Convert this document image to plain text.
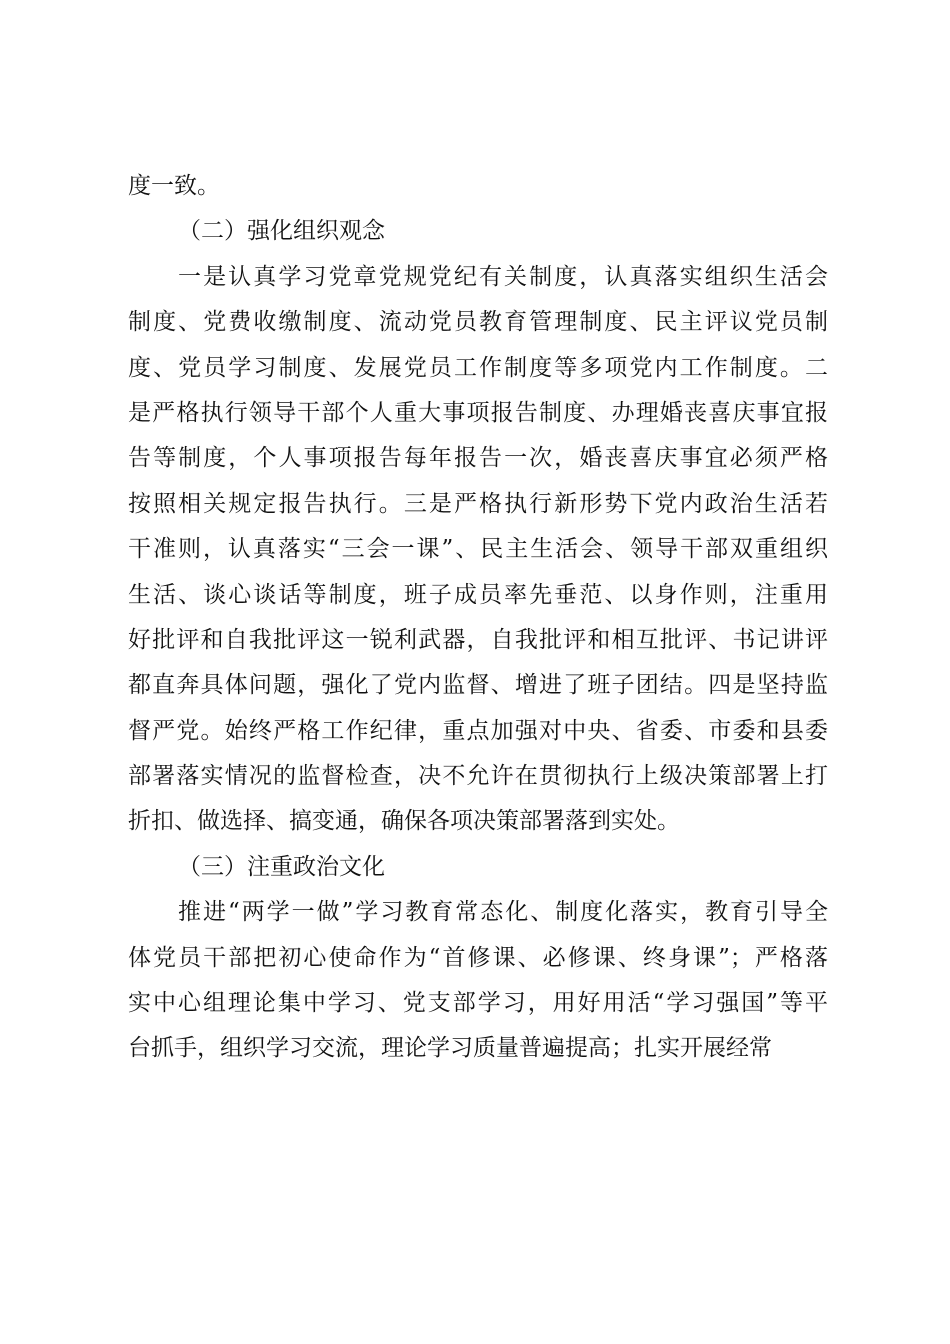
度一致。
（二）强化组织观念
一是认真学习党章党规党纪有关制度，认真落实组织生活会
制度、党费收缴制度、流动党员教育管理制度、民主评议党员制
度、党员学习制度、发展党员工作制度等多项党内工作制度。二
是严格执行领导干部个人重大事项报告制度、办理婚丧喜庆事宜报
告等制度，个人事项报告每年报告一次，婚丧喜庆事宜必须严格
按照相关规定报告执行。三是严格执行新形势下党内政治生活若
干准则，认真落实“三会一课”、民主生活会、领导干部双重组织
生活、谈心谈话等制度，班子成员率先垂范、以身作则，注重用
好批评和自我批评这一锐利武器，自我批评和相互批评、书记讲评
都直奔具体问题，强化了党内监督、增进了班子团结。四是坚持监
督严党。始终严格工作纪律，重点加强对中央、省委、市委和县委
部署落实情况的监督检查，决不允许在贯彻执行上级决策部署上打
折扣、做选择、搞变通，确保各项决策部署落到实处。
（三）注重政治文化
推进“两学一做”学习教育常态化、制度化落实，教育引导全
体党员干部把初心使命作为“首修课、必修课、终身课”；严格落
实中心组理论集中学习、党支部学习，用好用活“学习强国”等平
台抓手，组织学习交流，理论学习质量普遍提高；扎实开展经常
